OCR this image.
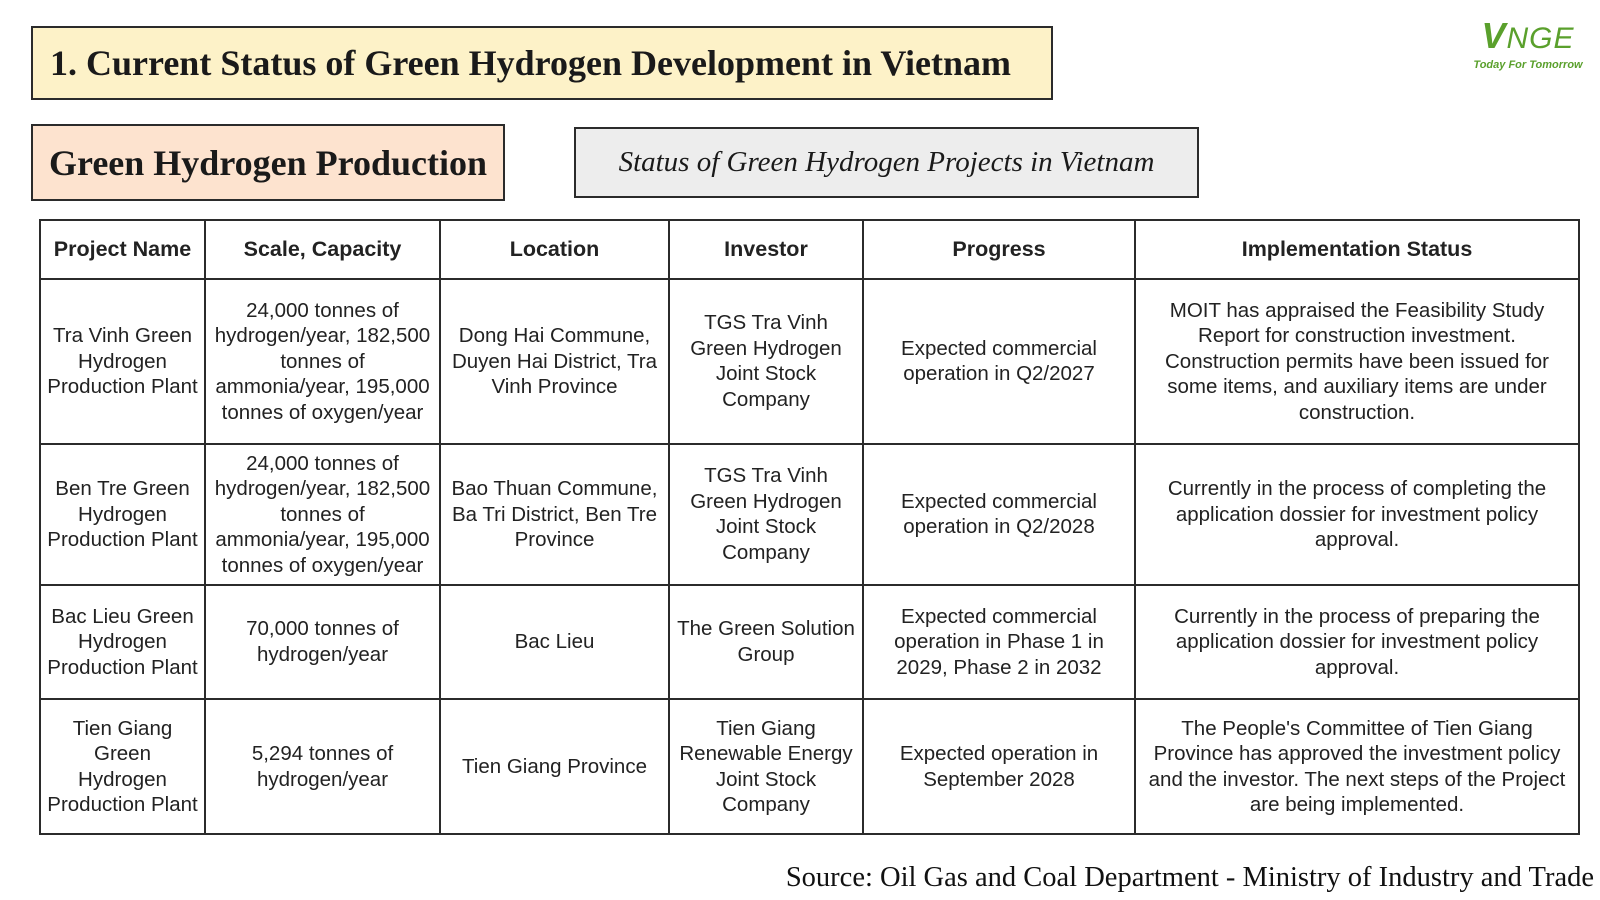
1. Current Status of Green Hydrogen Development in Vietnam
VNGE
Today For Tomorrow
Green Hydrogen Production	Status of Green Hydrogen Projects in Vietnam
Project Name	Scale, Capacity	Location	Investor	Progress	Implementation Status
Tra Vinh Green Hydrogen Production Plant	24,000 tonnes of hydrogen/year, 182,500 tonnes of ammonia/year, 195,000 tonnes of oxygen/year	Dong Hai Commune, Duyen Hai District, Tra Vinh Province	TGS Tra Vinh Green Hydrogen Joint Stock Company	Expected commercial operation in Q2/2027	MOIT has appraised the Feasibility Study Report for construction investment. Construction permits have been issued for some items, and auxiliary items are under construction.
Ben Tre Green Hydrogen Production Plant	24,000 tonnes of hydrogen/year, 182,500 tonnes of ammonia/year, 195,000 tonnes of oxygen/year	Bao Thuan Commune, Ba Tri District, Ben Tre Province	TGS Tra Vinh Green Hydrogen Joint Stock Company	Expected commercial operation in Q2/2028	Currently in the process of completing the application dossier for investment policy approval.
Bac Lieu Green Hydrogen Production Plant	70,000 tonnes of hydrogen/year	Bac Lieu	The Green Solution Group	Expected commercial operation in Phase 1 in 2029, Phase 2 in 2032	Currently in the process of preparing the application dossier for investment policy approval.
Tien Giang Green Hydrogen Production Plant	5,294 tonnes of hydrogen/year	Tien Giang Province	Tien Giang Renewable Energy Joint Stock Company	Expected operation in September 2028	The People's Committee of Tien Giang Province has approved the investment policy and the investor. The next steps of the Project are being implemented.
Source: Oil Gas and Coal Department - Ministry of Industry and Trade
